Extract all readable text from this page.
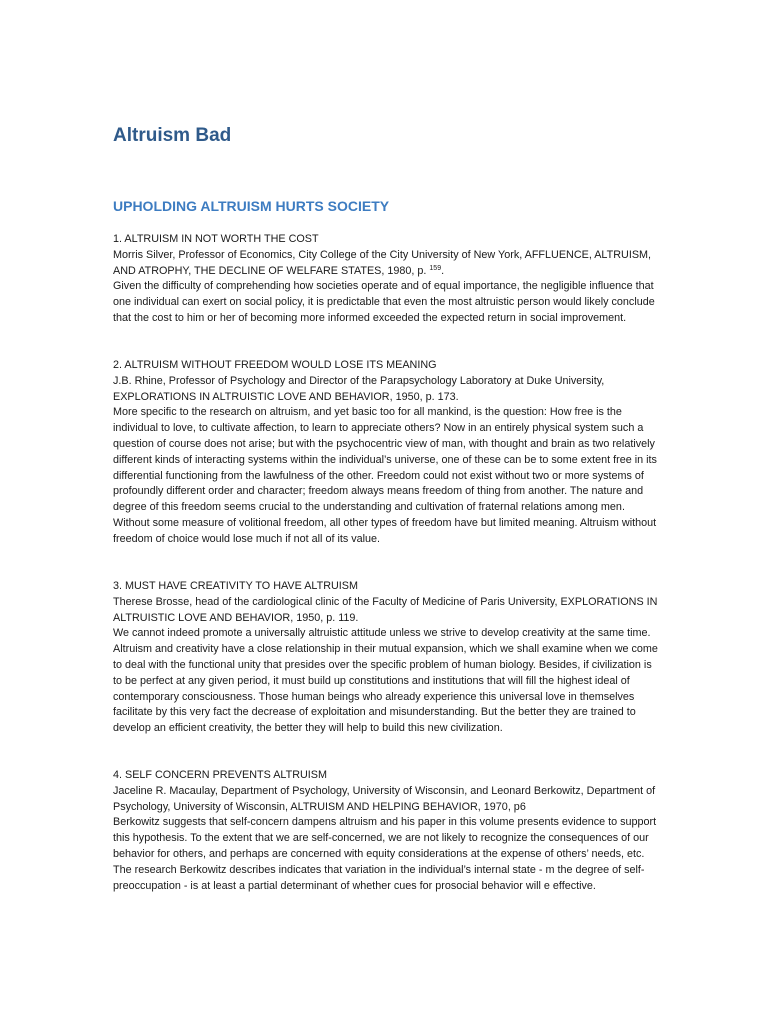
Altruism Bad
UPHOLDING ALTRUISM HURTS SOCIETY

1. ALTRUISM IN NOT WORTH THE COST
Morris Silver, Professor of Economics, City College of the City University of New York, AFFLUENCE, ALTRUISM, AND ATROPHY, THE DECLINE OF WELFARE STATES, 1980, p. $^{159}$.
Given the difficulty of comprehending how societies operate and of equal importance, the negligible influence that one individual can exert on social policy, it is predictable that even the most altruistic person would likely conclude that the cost to him or her of becoming more informed exceeded the expected return in social improvement.

2. ALTRUISM WITHOUT FREEDOM WOULD LOSE ITS MEANING
J.B. Rhine, Professor of Psychology and Director of the Parapsychology Laboratory at Duke University, EXPLORATIONS IN ALTRUISTIC LOVE AND BEHAVIOR, 1950, p. 173.
More specific to the research on altruism, and yet basic too for all mankind, is the question: How free is the individual to love, to cultivate affection, to learn to appreciate others? Now in an entirely physical system such a question of course does not arise; but with the psychocentric view of man, with thought and brain as two relatively different kinds of interacting systems within the individual’s universe, one of these can be to some extent free in its differential functioning from the lawfulness of the other. Freedom could not exist without two or more systems of profoundly different order and character; freedom always means freedom of thing from another. The nature and degree of this freedom seems crucial to the understanding and cultivation of fraternal relations among men. Without some measure of volitional freedom, all other types of freedom have but limited meaning. Altruism without freedom of choice would lose much if not all of its value.

3. MUST HAVE CREATIVITY TO HAVE ALTRUISM
Therese Brosse, head of the cardiological clinic of the Faculty of Medicine of Paris University, EXPLORATIONS IN ALTRUISTIC LOVE AND BEHAVIOR, 1950, p. 119.
We cannot indeed promote a universally altruistic attitude unless we strive to develop creativity at the same time. Altruism and creativity have a close relationship in their mutual expansion, which we shall examine when we come to deal with the functional unity that presides over the specific problem of human biology. Besides, if civilization is to be perfect at any given period, it must build up constitutions and institutions that will fill the highest ideal of contemporary consciousness. Those human beings who already experience this universal love in themselves facilitate by this very fact the decrease of exploitation and misunderstanding. But the better they are trained to develop an efficient creativity, the better they will help to build this new civilization.

4. SELF CONCERN PREVENTS ALTRUISM
Jaceline R. Macaulay, Department of Psychology, University of Wisconsin, and Leonard Berkowitz, Department of Psychology, University of Wisconsin, ALTRUISM AND HELPING BEHAVIOR, 1970, p6
Berkowitz suggests that self-concern dampens altruism and his paper in this volume presents evidence to support this hypothesis. To the extent that we are self-concerned, we are not likely to recognize the consequences of our behavior for others, and perhaps are concerned with equity considerations at the expense of others’ needs, etc. The research Berkowitz describes indicates that variation in the individual’s internal state - m the degree of self-preoccupation - is at least a partial determinant of whether cues for prosocial behavior will e effective.
